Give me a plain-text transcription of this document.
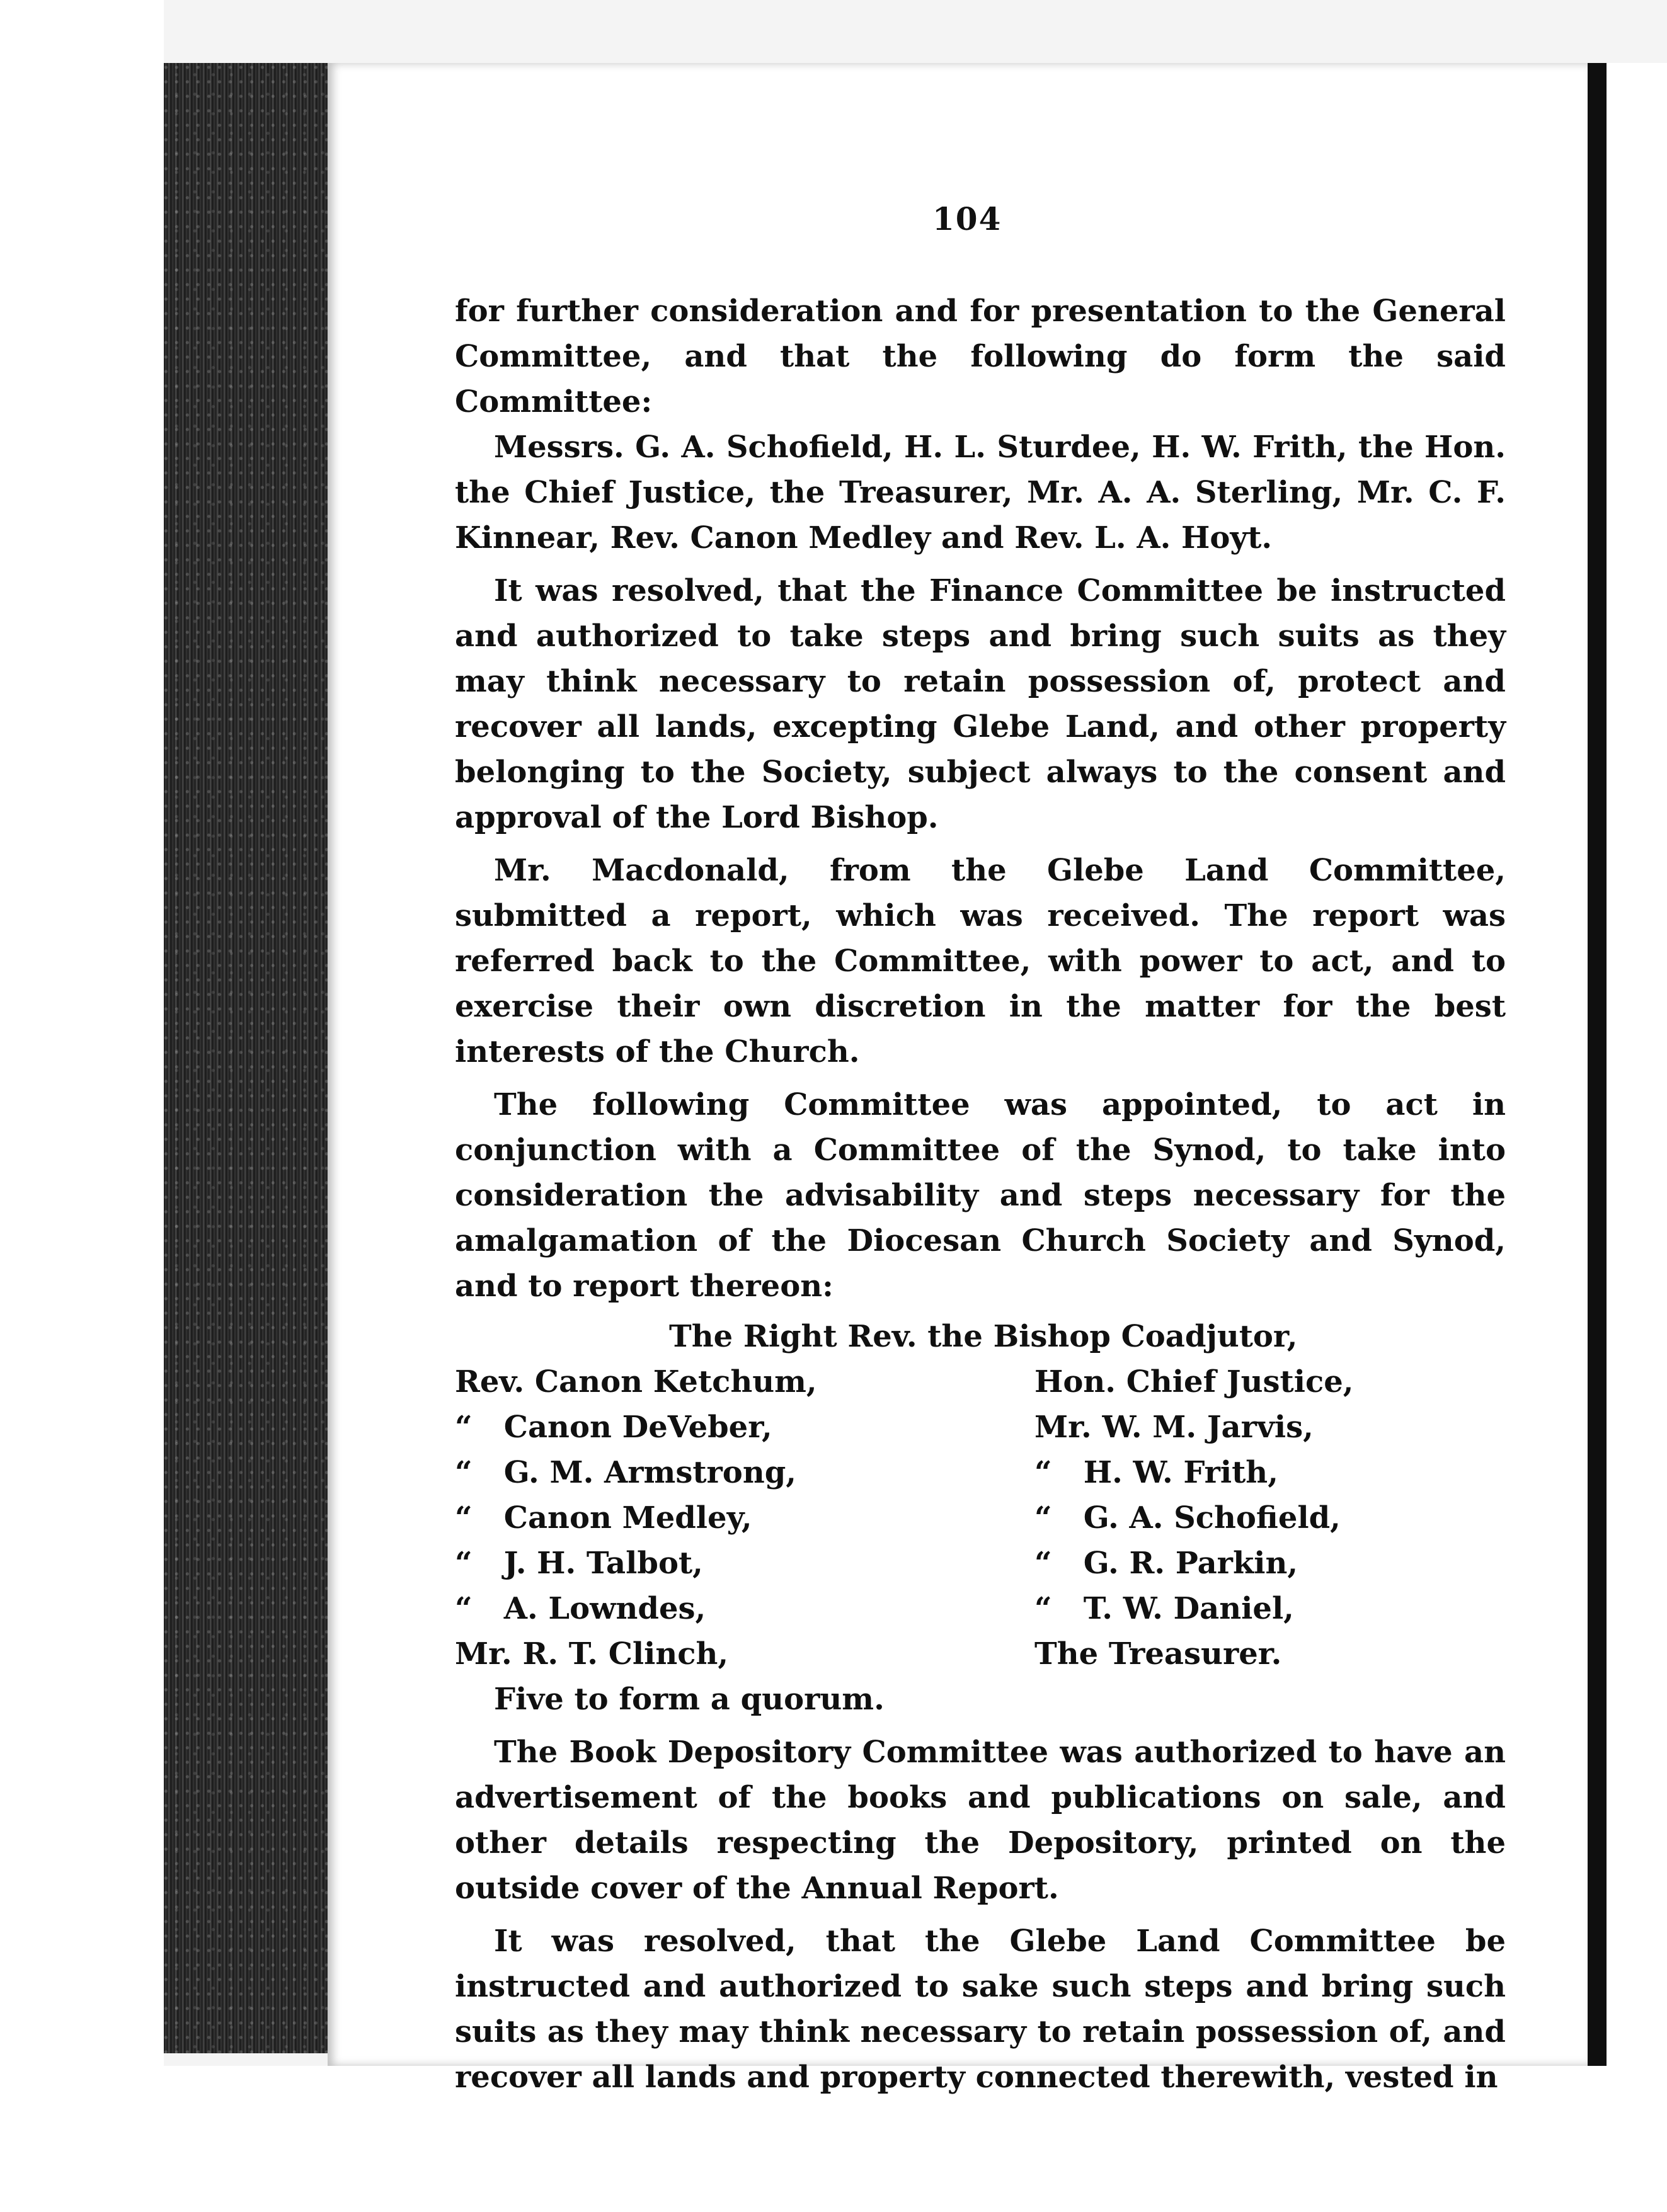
104

for further consideration and for presentation to the General Committee, and that the following do form the said Committee:

Messrs. G. A. Schofield, H. L. Sturdee, H. W. Frith, the Hon. the Chief Justice, the Treasurer, Mr. A. A. Sterling, Mr. C. F. Kinnear, Rev. Canon Medley and Rev. L. A. Hoyt.

It was resolved, that the Finance Committee be instructed and authorized to take steps and bring such suits as they may think necessary to retain possession of, protect and recover all lands, excepting Glebe Land, and other property belonging to the Society, subject always to the consent and approval of the Lord Bishop.

Mr. Macdonald, from the Glebe Land Committee, submitted a report, which was received. The report was referred back to the Committee, with power to act, and to exercise their own discretion in the matter for the best interests of the Church.

The following Committee was appointed, to act in conjunction with a Committee of the Synod, to take into consideration the advisability and steps necessary for the amalgamation of the Diocesan Church Society and Synod, and to report thereon:

The Right Rev. the Bishop Coadjutor,
Rev. Canon Ketchum,	Hon. Chief Justice,
“   Canon DeVeber,	Mr. W. M. Jarvis,
“   G. M. Armstrong,	“   H. W. Frith,
“   Canon Medley,	“   G. A. Schofield,
“   J. H. Talbot,	“   G. R. Parkin,
“   A. Lowndes,	“   T. W. Daniel,
Mr. R. T. Clinch,	The Treasurer.
Five to form a quorum.

The Book Depository Committee was authorized to have an advertisement of the books and publications on sale, and other details respecting the Depository, printed on the outside cover of the Annual Report.

It was resolved, that the Glebe Land Committee be instructed and authorized to sake such steps and bring such suits as they may think necessary to retain possession of, and recover all lands and property connected therewith, vested in
